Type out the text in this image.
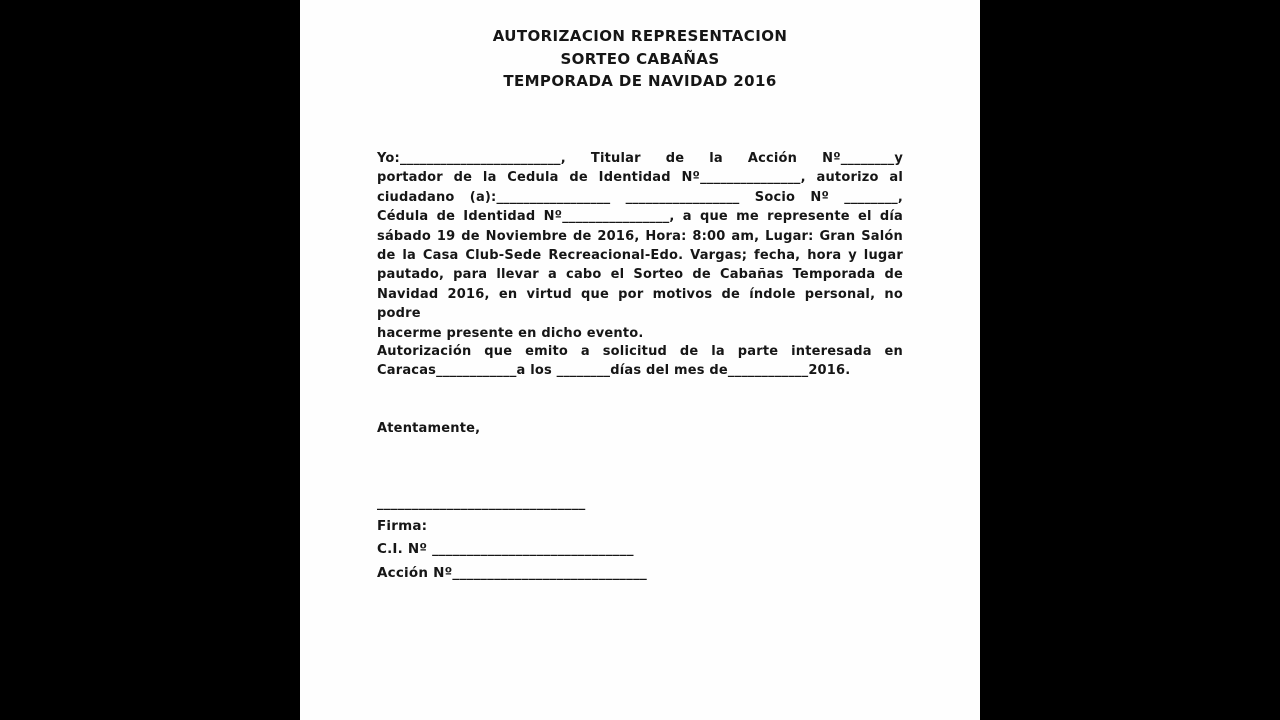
AUTORIZACION REPRESENTACION
SORTEO CABAÑAS
TEMPORADA DE NAVIDAD 2016
Yo:________________________, Titular de la Acción Nº________y
portador de la Cedula de Identidad Nº_______________, autorizo al
ciudadano (a):_________________ _________________ Socio Nº ________,
Cédula de Identidad Nº________________, a que me represente el día
sábado 19 de Noviembre de 2016, Hora: 8:00 am, Lugar: Gran Salón
de la Casa Club-Sede Recreacional-Edo. Vargas; fecha, hora y lugar
pautado, para llevar a cabo el Sorteo de Cabañas Temporada de
Navidad 2016, en virtud que por motivos de índole personal, no podre
hacerme presente en dicho evento.
Autorización que emito a solicitud de la parte interesada en
Caracas____________a los ________días del mes de____________2016.
Atentamente,
______________________________
Firma:
C.I. Nº _____________________________
Acción Nº____________________________
